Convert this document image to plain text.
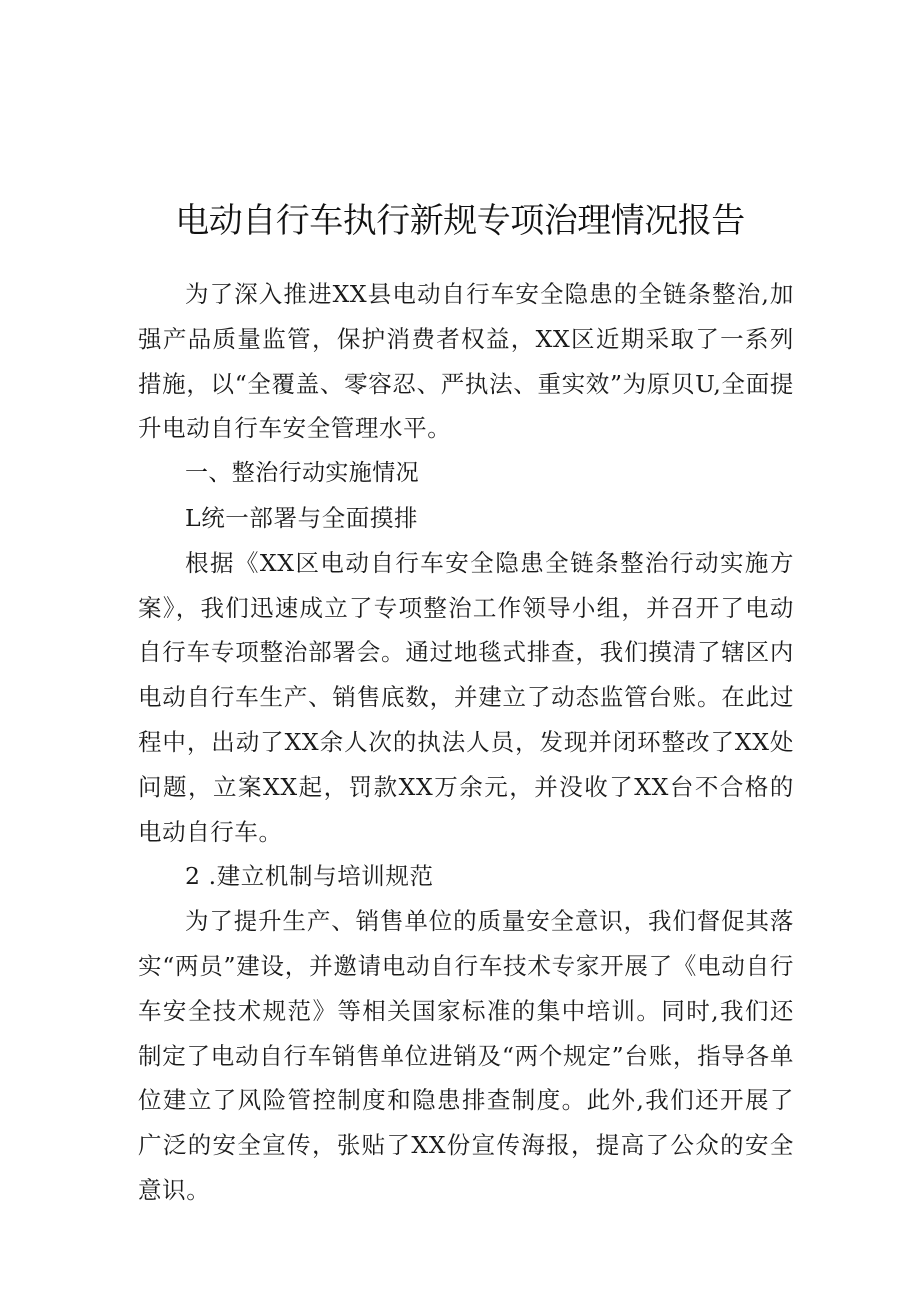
电动自行车执行新规专项治理情况报告

为了深入推进XX县电动自行车安全隐患的全链条整治,加强产品质量监管，保护消费者权益，XX区近期采取了一系列措施，以“全覆盖、零容忍、严执法、重实效”为原贝U,全面提升电动自行车安全管理水平。

一、整治行动实施情况

L统一部署与全面摸排

根据《XX区电动自行车安全隐患全链条整治行动实施方案》，我们迅速成立了专项整治工作领导小组，并召开了电动自行车专项整治部署会。通过地毯式排查，我们摸清了辖区内电动自行车生产、销售底数，并建立了动态监管台账。在此过程中，出动了XX余人次的执法人员，发现并闭环整改了XX处问题，立案XX起，罚款XX万余元，并没收了XX台不合格的电动自行车。

2 .建立机制与培训规范

为了提升生产、销售单位的质量安全意识，我们督促其落实“两员”建设，并邀请电动自行车技术专家开展了《电动自行车安全技术规范》等相关国家标准的集中培训。同时,我们还制定了电动自行车销售单位进销及“两个规定”台账，指导各单位建立了风险管控制度和隐患排查制度。此外,我们还开展了广泛的安全宣传，张贴了XX份宣传海报，提高了公众的安全意识。
